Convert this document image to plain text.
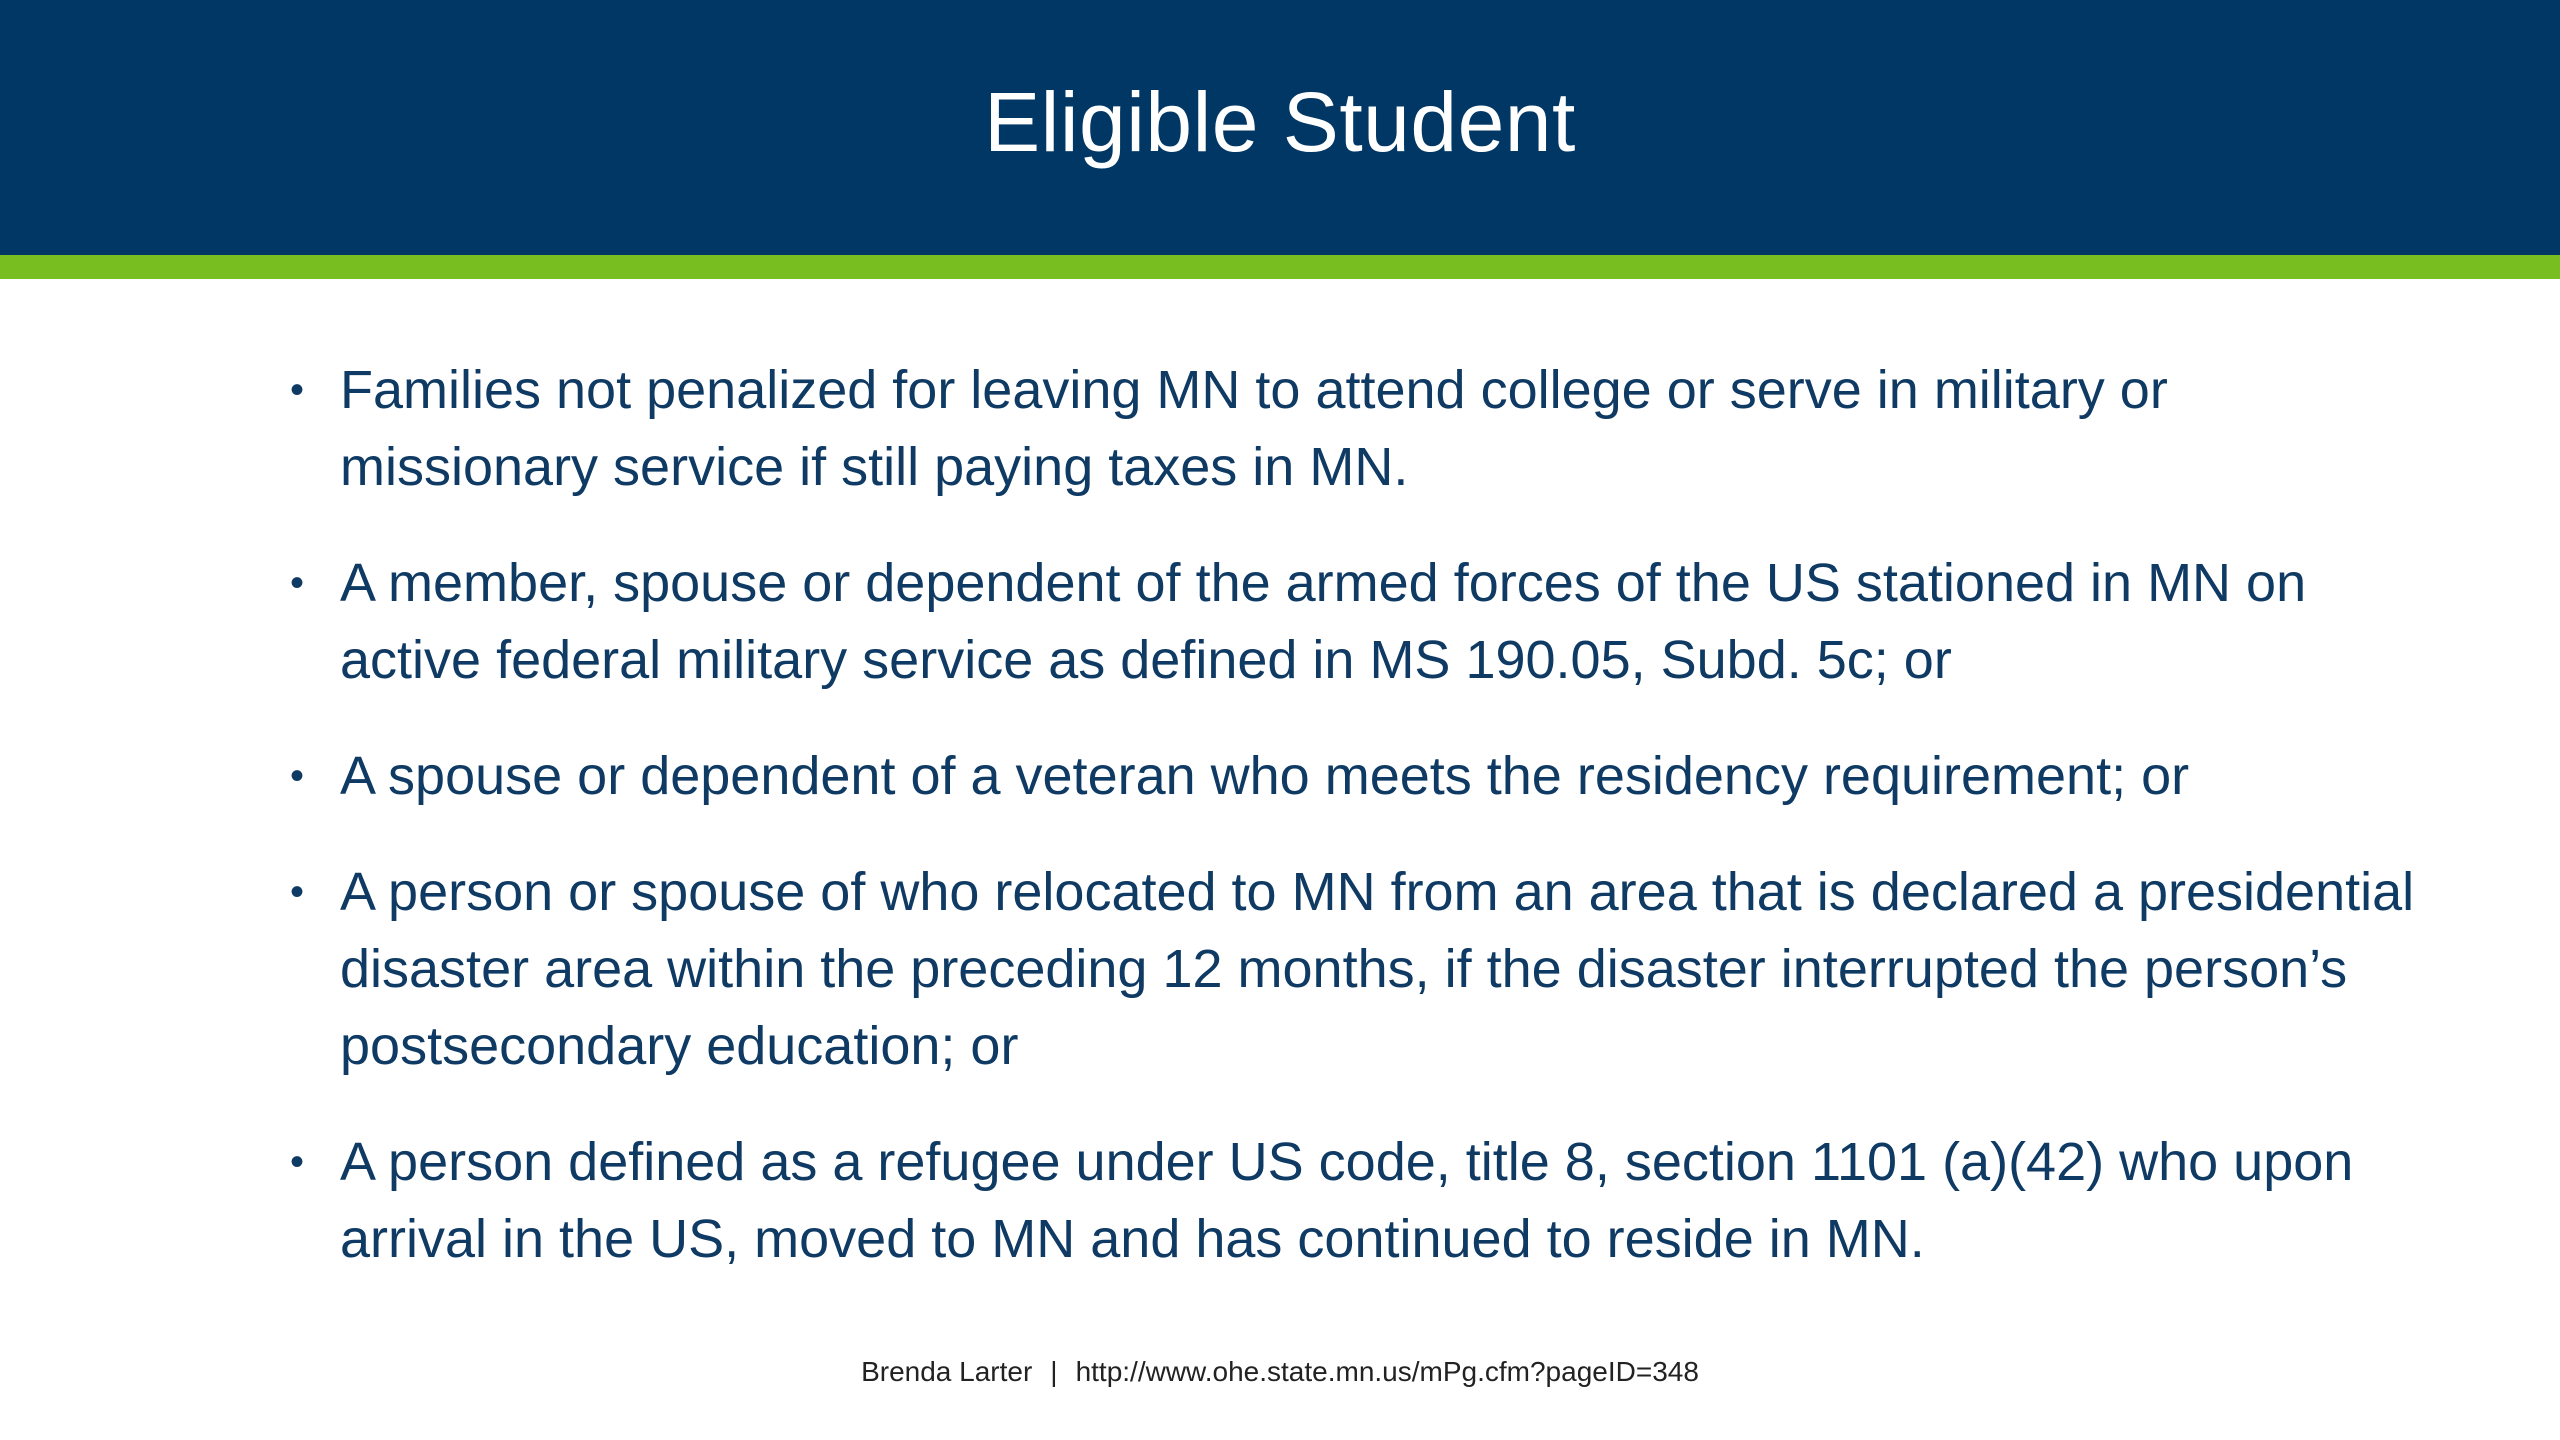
Eligible Student
• Families not penalized for leaving MN to attend college or serve in military or missionary service if still paying taxes in MN.
• A member, spouse or dependent of the armed forces of the US stationed in MN on active federal military service as defined in MS 190.05, Subd. 5c; or
• A spouse or dependent of a veteran who meets the residency requirement; or
• A person or spouse of who relocated to MN from an area that is declared a presidential disaster area within the preceding 12 months, if the disaster interrupted the person’s postsecondary education; or
• A person defined as a refugee under US code, title 8, section 1101 (a)(42) who upon arrival in the US, moved to MN and has continued to reside in MN.
Brenda Larter | http://www.ohe.state.mn.us/mPg.cfm?pageID=348
